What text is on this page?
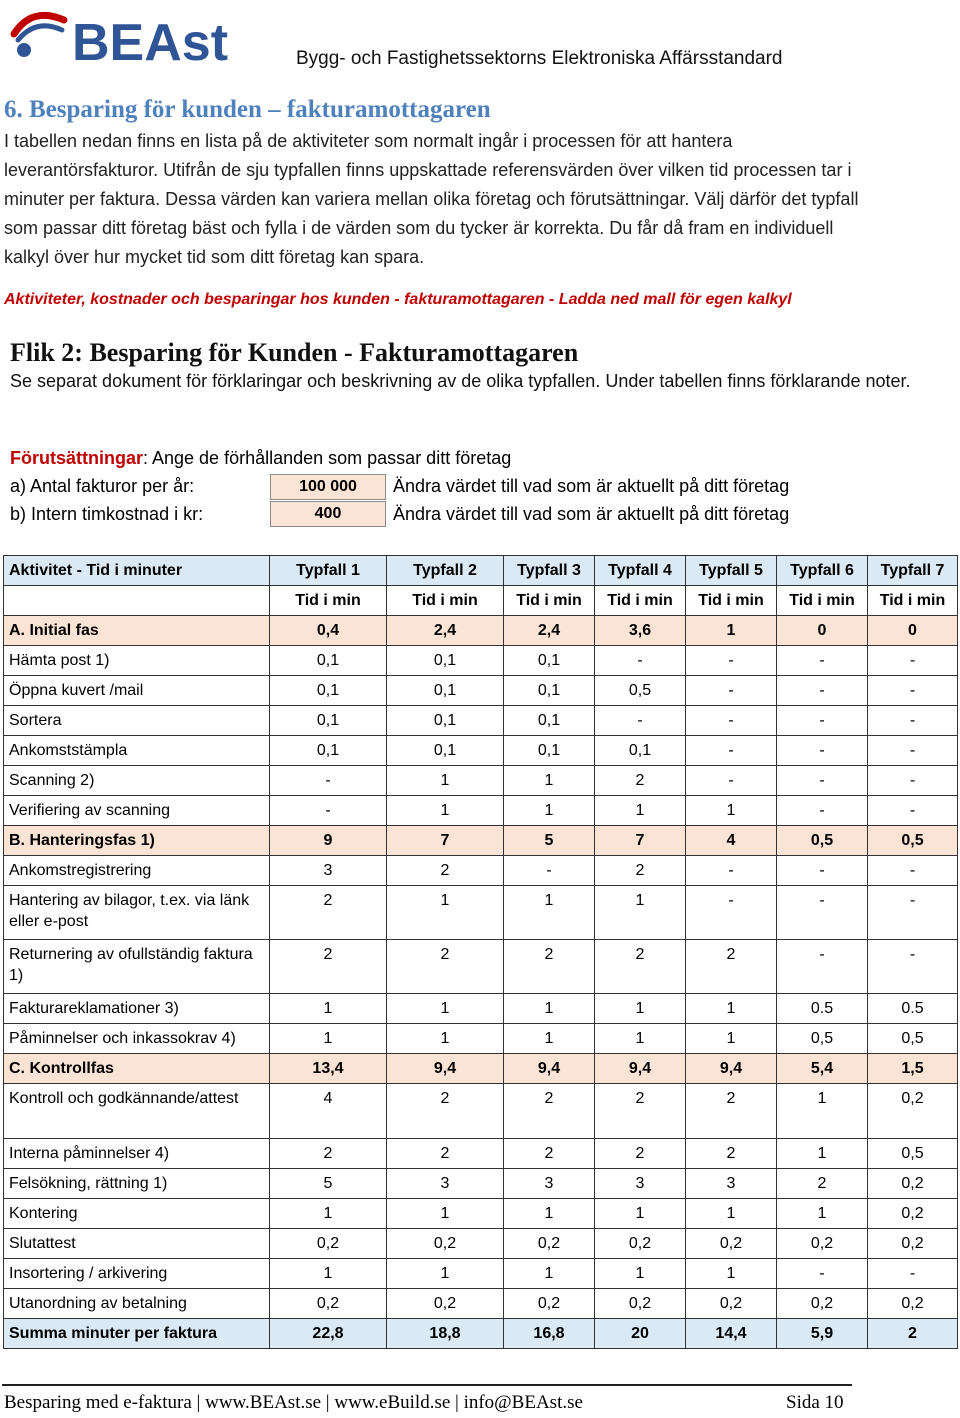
BEAst	Bygg- och Fastighetssektorns Elektroniska Affärsstandard
6. Besparing för kunden – fakturamottagaren

I tabellen nedan finns en lista på de aktiviteter som normalt ingår i processen för att hantera leverantörsfakturor. Utifrån de sju typfallen finns uppskattade referensvärden över vilken tid processen tar i minuter per faktura. Dessa värden kan variera mellan olika företag och förutsättningar. Välj därför det typfall som passar ditt företag bäst och fylla i de värden som du tycker är korrekta. Du får då fram en individuell kalkyl över hur mycket tid som ditt företag kan spara.

Aktiviteter, kostnader och besparingar hos kunden - fakturamottagaren - Ladda ned mall för egen kalkyl
Flik 2: Besparing för Kunden - Fakturamottagaren

Se separat dokument för förklaringar och beskrivning av de olika typfallen. Under tabellen finns förklarande noter.

Förutsättningar: Ange de förhållanden som passar ditt företag
a) Antal fakturor per år:	100 000	Ändra värdet till vad som är aktuellt på ditt företag
b) Intern timkostnad i kr:	400	Ändra värdet till vad som är aktuellt på ditt företag
Aktivitet - Tid i minuter	Typfall 1	Typfall 2	Typfall 3	Typfall 4	Typfall 5	Typfall 6	Typfall 7
	Tid i min	Tid i min	Tid i min	Tid i min	Tid i min	Tid i min	Tid i min
A. Initial fas	0,4	2,4	2,4	3,6	1	0	0
Hämta post 1)	0,1	0,1	0,1	-	-	-	-
Öppna kuvert /mail	0,1	0,1	0,1	0,5	-	-	-
Sortera	0,1	0,1	0,1	-	-	-	-
Ankomststämpla	0,1	0,1	0,1	0,1	-	-	-
Scanning 2)	-	1	1	2	-	-	-
Verifiering av scanning	-	1	1	1	1	-	-
B. Hanteringsfas 1)	9	7	5	7	4	0,5	0,5
Ankomstregistrering	3	2	-	2	-	-	-
Hantering av bilagor, t.ex. via länk eller e-post	2	1	1	1	-	-	-
Returnering av ofullständig faktura 1)	2	2	2	2	2	-	-
Fakturareklamationer 3)	1	1	1	1	1	0.5	0.5
Påminnelser och inkassokrav 4)	1	1	1	1	1	0,5	0,5
C. Kontrollfas	13,4	9,4	9,4	9,4	9,4	5,4	1,5
Kontroll och godkännande/attest	4	2	2	2	2	1	0,2
Interna påminnelser 4)	2	2	2	2	2	1	0,5
Felsökning, rättning 1)	5	3	3	3	3	2	0,2
Kontering	1	1	1	1	1	1	0,2
Slutattest	0,2	0,2	0,2	0,2	0,2	0,2	0,2
Insortering / arkivering	1	1	1	1	1	-	-
Utanordning av betalning	0,2	0,2	0,2	0,2	0,2	0,2	0,2
Summa minuter per faktura	22,8	18,8	16,8	20	14,4	5,9	2
Besparing med e-faktura | www.BEAst.se | www.eBuild.se | info@BEAst.se	Sida 10
